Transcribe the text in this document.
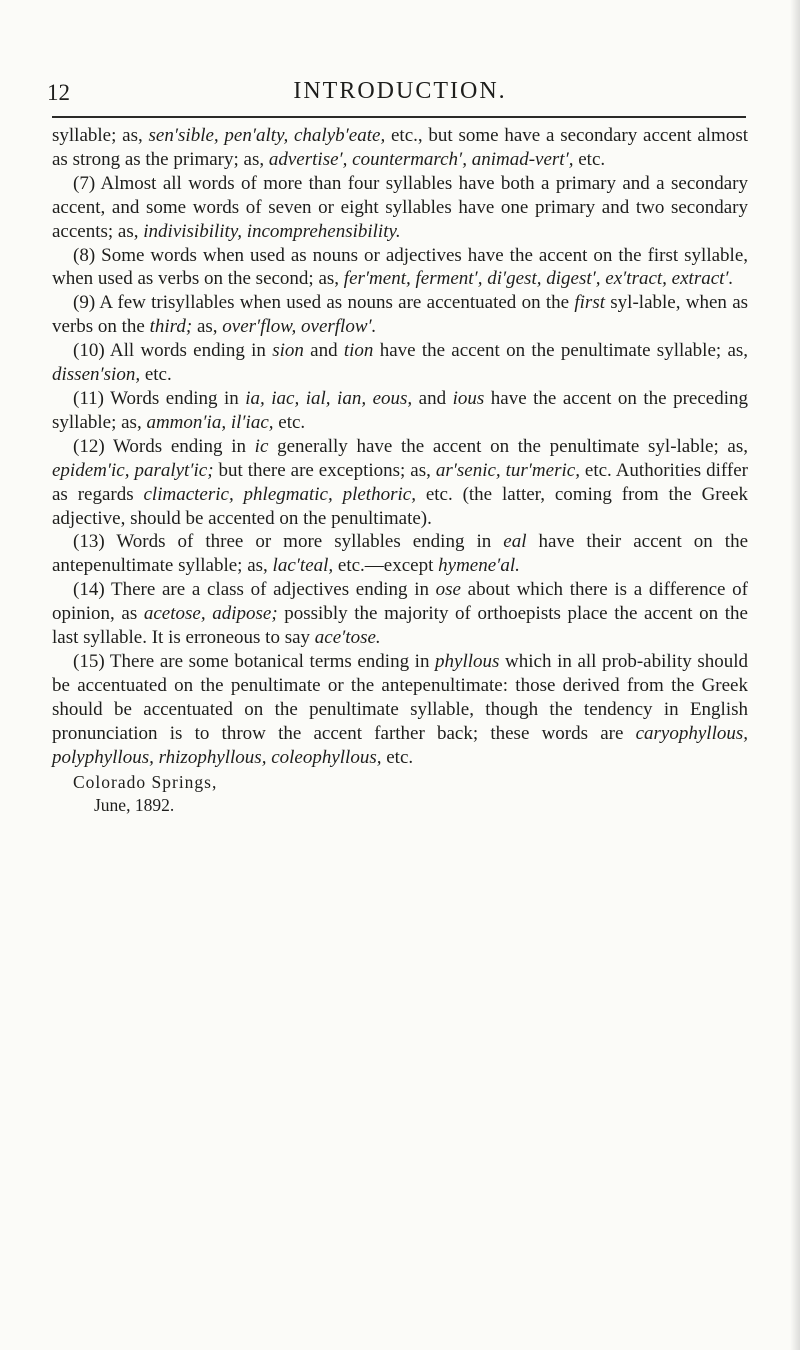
12	INTRODUCTION.

syllable; as, sen′sible, pen′alty, chalyb′eate, etc., but some have a secondary accent almost as strong as the primary; as, advertise′, countermarch′, animad-vert′, etc.

(7) Almost all words of more than four syllables have both a primary and a secondary accent, and some words of seven or eight syllables have one primary and two secondary accents; as, indivisibility, incomprehensibility.

(8) Some words when used as nouns or adjectives have the accent on the first syllable, when used as verbs on the second; as, fer′ment, ferment′, di′gest, digest′, ex′tract, extract′.

(9) A few trisyllables when used as nouns are accentuated on the first syl-lable, when as verbs on the third; as, over′flow, overflow′.

(10) All words ending in sion and tion have the accent on the penultimate syllable; as, dissen′sion, etc.

(11) Words ending in ia, iac, ial, ian, eous, and ious have the accent on the preceding syllable; as, ammon′ia, il′iac, etc.

(12) Words ending in ic generally have the accent on the penultimate syl-lable; as, epidem′ic, paralyt′ic; but there are exceptions; as, ar′senic, tur′meric, etc. Authorities differ as regards climacteric, phlegmatic, plethoric, etc. (the latter, coming from the Greek adjective, should be accented on the penultimate).

(13) Words of three or more syllables ending in eal have their accent on the antepenultimate syllable; as, lac′teal, etc.—except hymene′al.

(14) There are a class of adjectives ending in ose about which there is a difference of opinion, as acetose, adipose; possibly the majority of orthoepists place the accent on the last syllable. It is erroneous to say ace′tose.

(15) There are some botanical terms ending in phyllous which in all prob-ability should be accentuated on the penultimate or the antepenultimate: those derived from the Greek should be accentuated on the penultimate syllable, though the tendency in English pronunciation is to throw the accent farther back; these words are caryophyllous, polyphyllous, rhizophyllous, coleophyllous, etc.

Colorado Springs,

June, 1892.
